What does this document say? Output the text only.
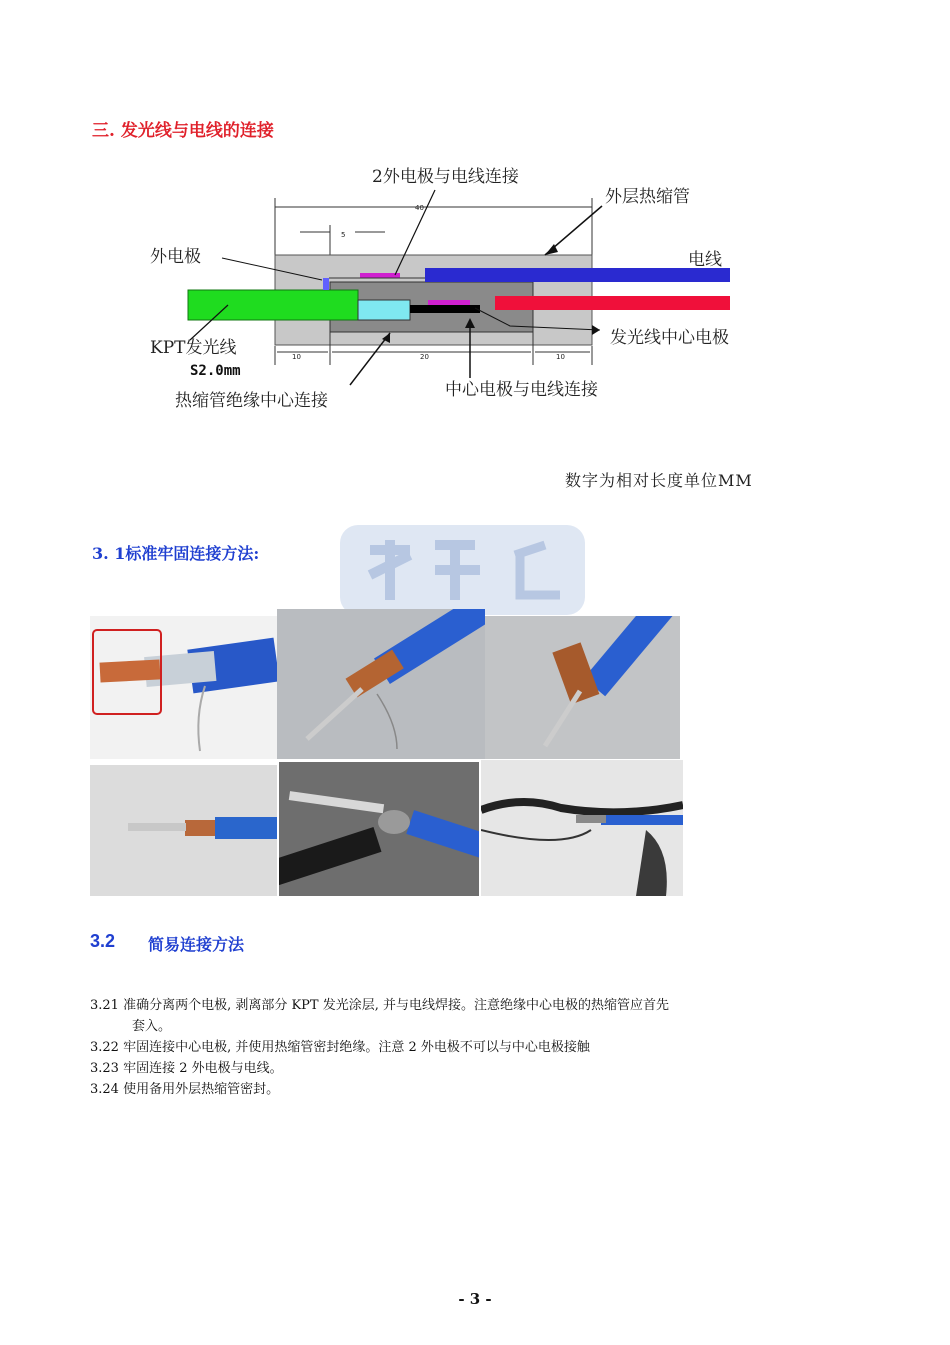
三. 发光线与电线的连接
40
5
10	20	10
2外电极与电线连接
外层热缩管
外电极	电线
KPT发光线
S2.0mm
发光线中心电极
热缩管绝缘中心连接
中心电极与电线连接
数字为相对长度单位MM
3. 1标准牢固连接方法:
3.2 简易连接方法

3.21 准确分离两个电极, 剥离部分 KPT 发光涂层, 并与电线焊接。注意绝缘中心电极的热缩管应首先

套入。

3.22 牢固连接中心电极, 并使用热缩管密封绝缘。注意 2 外电极不可以与中心电极接触

3.23 牢固连接 2 外电极与电线。

3.24 使用备用外层热缩管密封。

- 3 -
